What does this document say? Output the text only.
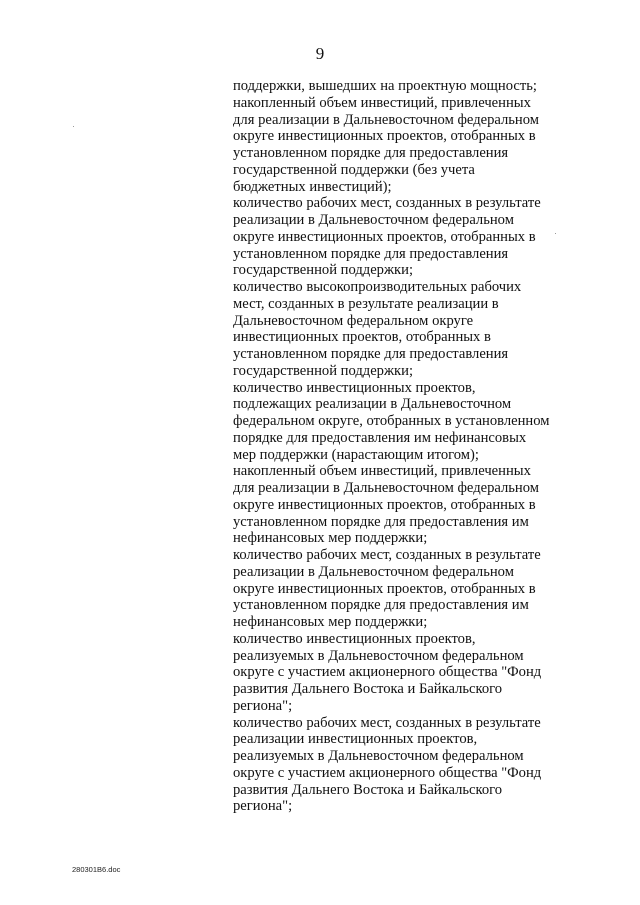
9
поддержки, вышедших на проектную мощность;
накопленный объем инвестиций, привлеченных
для реализации в Дальневосточном федеральном
округе инвестиционных проектов, отобранных в
установленном порядке для предоставления
государственной поддержки (без учета
бюджетных инвестиций);
количество рабочих мест, созданных в результате
реализации в Дальневосточном федеральном
округе инвестиционных проектов, отобранных в
установленном порядке для предоставления
государственной поддержки;
количество высокопроизводительных рабочих
мест, созданных в результате реализации в
Дальневосточном федеральном округе
инвестиционных проектов, отобранных в
установленном порядке для предоставления
государственной поддержки;
количество инвестиционных проектов,
подлежащих реализации в Дальневосточном
федеральном округе, отобранных в установленном
порядке для предоставления им нефинансовых
мер поддержки (нарастающим итогом);
накопленный объем инвестиций, привлеченных
для реализации в Дальневосточном федеральном
округе инвестиционных проектов, отобранных в
установленном порядке для предоставления им
нефинансовых мер поддержки;
количество рабочих мест, созданных в результате
реализации в Дальневосточном федеральном
округе инвестиционных проектов, отобранных в
установленном порядке для предоставления им
нефинансовых мер поддержки;
количество инвестиционных проектов,
реализуемых в Дальневосточном федеральном
округе с участием акционерного общества "Фонд
развития Дальнего Востока и Байкальского
региона";
количество рабочих мест, созданных в результате
реализации инвестиционных проектов,
реализуемых в Дальневосточном федеральном
округе с участием акционерного общества "Фонд
развития Дальнего Востока и Байкальского
региона";
280301B6.doc
